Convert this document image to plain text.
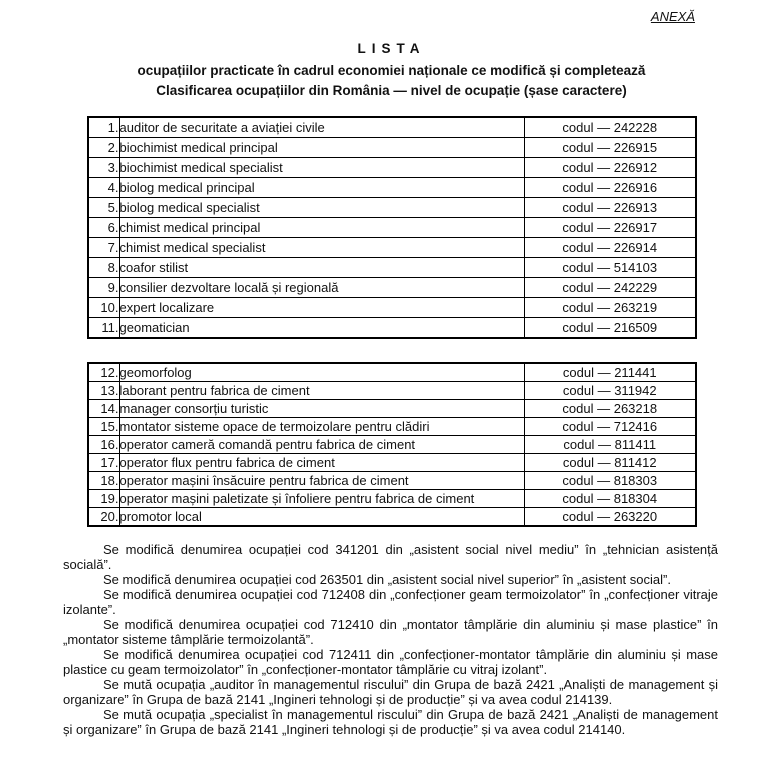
ANEXĂ
LISTA
ocupațiilor practicate în cadrul economiei naționale ce modifică și completează
Clasificarea ocupațiilor din România — nivel de ocupație (șase caractere)
1.	auditor de securitate a aviației civile	codul — 242228
2.	biochimist medical principal	codul — 226915
3.	biochimist medical specialist	codul — 226912
4.	biolog medical principal	codul — 226916
5.	biolog medical specialist	codul — 226913
6.	chimist medical principal	codul — 226917
7.	chimist medical specialist	codul — 226914
8.	coafor stilist	codul — 514103
9.	consilier dezvoltare locală și regională	codul — 242229
10.	expert localizare	codul — 263219
11.	geomatician	codul — 216509
12.	geomorfolog	codul — 211441
13.	laborant pentru fabrica de ciment	codul — 311942
14.	manager consorțiu turistic	codul — 263218
15.	montator sisteme opace de termoizolare pentru clădiri	codul — 712416
16.	operator cameră comandă pentru fabrica de ciment	codul — 811411
17.	operator flux pentru fabrica de ciment	codul — 811412
18.	operator mașini însăcuire pentru fabrica de ciment	codul — 818303
19.	operator mașini paletizate și înfoliere pentru fabrica de ciment	codul — 818304
20.	promotor local	codul — 263220

Se modifică denumirea ocupației cod 341201 din „asistent social nivel mediu” în „tehnician asistență socială”.

Se modifică denumirea ocupației cod 263501 din „asistent social nivel superior” în „asistent social”.

Se modifică denumirea ocupației cod 712408 din „confecționer geam termoizolator” în „confecționer vitraje izolante”.

Se modifică denumirea ocupației cod 712410 din „montator tâmplărie din aluminiu și mase plastice” în „montator sisteme tâmplărie termoizolantă”.

Se modifică denumirea ocupației cod 712411 din „confecționer-montator tâmplărie din aluminiu și mase plastice cu geam termoizolator” în „confecționer-montator tâmplărie cu vitraj izolant”.

Se mută ocupația „auditor în managementul riscului” din Grupa de bază 2421 „Analiști de management și organizare” în Grupa de bază 2141 „Ingineri tehnologi și de producție” și va avea codul 214139.

Se mută ocupația „specialist în managementul riscului” din Grupa de bază 2421 „Analiști de management și organizare” în Grupa de bază 2141 „Ingineri tehnologi și de producție” și va avea codul 214140.
